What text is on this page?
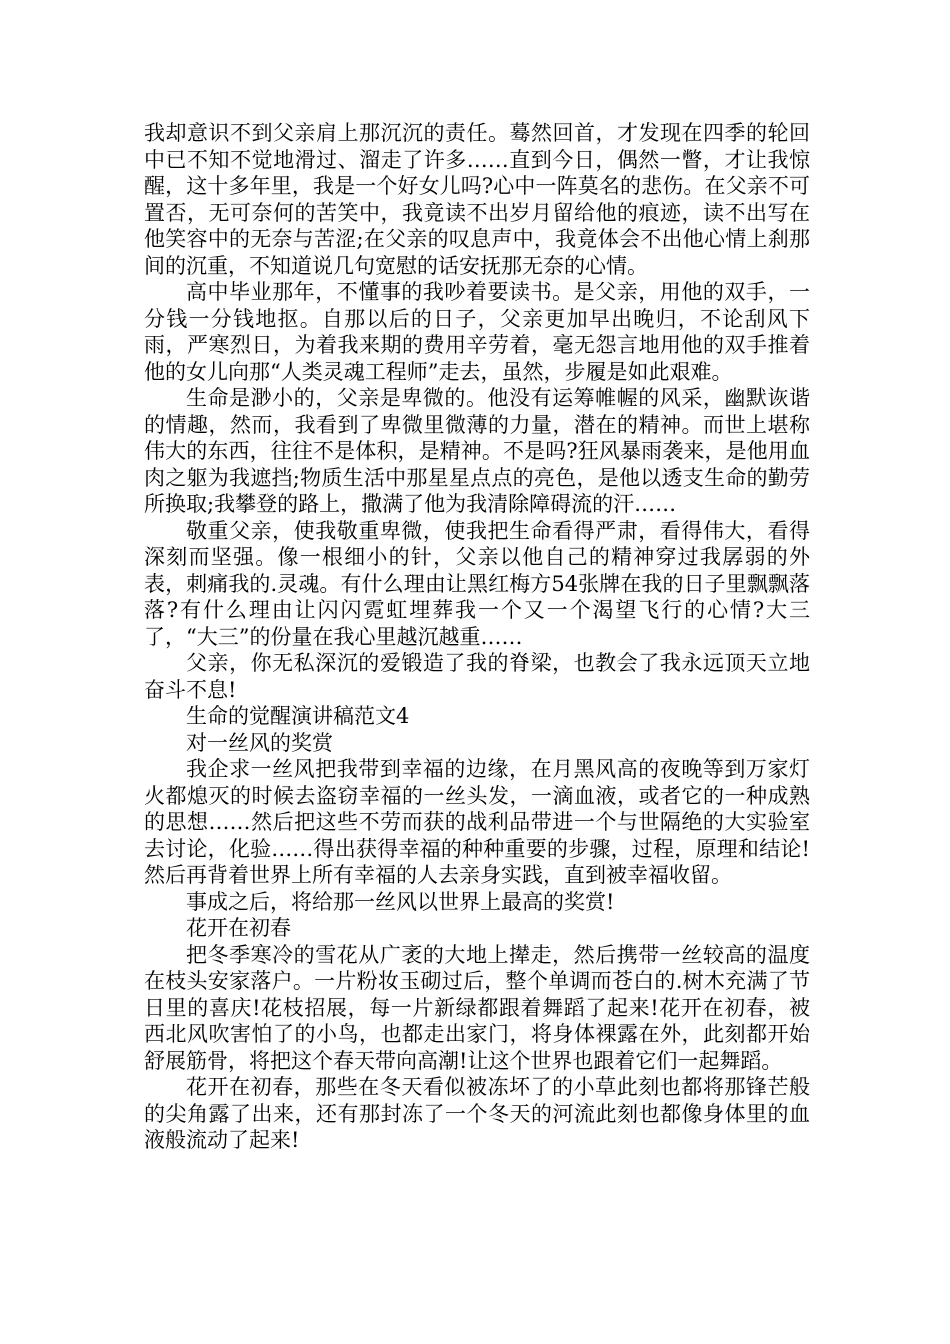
我却意识不到父亲肩上那沉沉的责任。蓦然回首，才发现在四季的轮回中已不知不觉地滑过、溜走了许多……直到今日，偶然一瞥，才让我惊醒，这十多年里，我是一个好女儿吗?心中一阵莫名的悲伤。在父亲不可置否，无可奈何的苦笑中，我竟读不出岁月留给他的痕迹，读不出写在他笑容中的无奈与苦涩;在父亲的叹息声中，我竟体会不出他心情上刹那间的沉重，不知道说几句宽慰的话安抚那无奈的心情。

高中毕业那年，不懂事的我吵着要读书。是父亲，用他的双手，一分钱一分钱地抠。自那以后的日子，父亲更加早出晚归，不论刮风下雨，严寒烈日，为着我来期的费用辛劳着，毫无怨言地用他的双手推着他的女儿向那“人类灵魂工程师”走去，虽然，步履是如此艰难。

生命是渺小的，父亲是卑微的。他没有运筹帷幄的风采，幽默诙谐的情趣，然而，我看到了卑微里微薄的力量，潜在的精神。而世上堪称伟大的东西，往往不是体积，是精神。不是吗?狂风暴雨袭来，是他用血肉之躯为我遮挡;物质生活中那星星点点的亮色，是他以透支生命的勤劳所换取;我攀登的路上，撒满了他为我清除障碍流的汗……

敬重父亲，使我敬重卑微，使我把生命看得严肃，看得伟大，看得深刻而坚强。像一根细小的针，父亲以他自己的精神穿过我孱弱的外表，刺痛我的.灵魂。有什么理由让黑红梅方54张牌在我的日子里飘飘落落?有什么理由让闪闪霓虹埋葬我一个又一个渴望飞行的心情?大三了，“大三”的份量在我心里越沉越重……

父亲，你无私深沉的爱锻造了我的脊梁，也教会了我永远顶天立地奋斗不息!

生命的觉醒演讲稿范文4

对一丝风的奖赏

我企求一丝风把我带到幸福的边缘，在月黑风高的夜晚等到万家灯火都熄灭的时候去盗窃幸福的一丝头发，一滴血液，或者它的一种成熟的思想……然后把这些不劳而获的战利品带进一个与世隔绝的大实验室去讨论，化验……得出获得幸福的种种重要的步骤，过程，原理和结论!然后再背着世界上所有幸福的人去亲身实践，直到被幸福收留。

事成之后，将给那一丝风以世界上最高的奖赏!

花开在初春

把冬季寒冷的雪花从广袤的大地上撵走，然后携带一丝较高的温度在枝头安家落户。一片粉妆玉砌过后，整个单调而苍白的.树木充满了节日里的喜庆!花枝招展，每一片新绿都跟着舞蹈了起来!花开在初春，被西北风吹害怕了的小鸟，也都走出家门，将身体裸露在外，此刻都开始舒展筋骨，将把这个春天带向高潮!让这个世界也跟着它们一起舞蹈。

花开在初春，那些在冬天看似被冻坏了的小草此刻也都将那锋芒般的尖角露了出来，还有那封冻了一个冬天的河流此刻也都像身体里的血液般流动了起来!
